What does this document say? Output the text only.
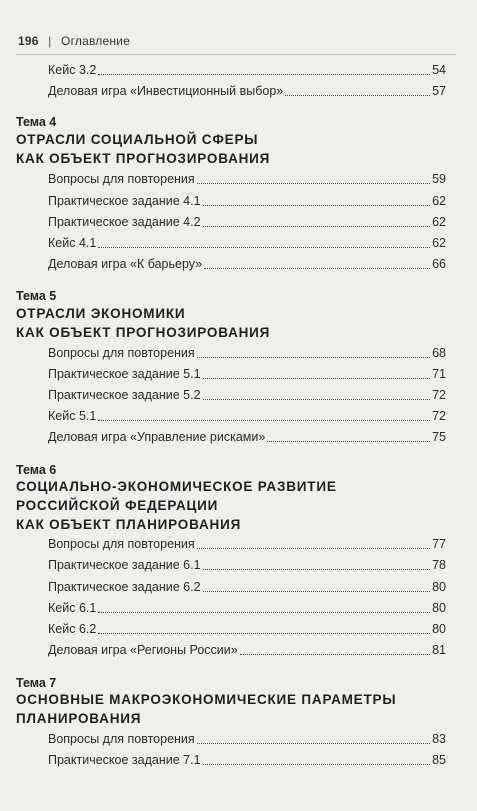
196 | Оглавление
Кейс 3.2	54
Деловая игра «Инвестиционный выбор»	57
Тема 4
ОТРАСЛИ СОЦИАЛЬНОЙ СФЕРЫ
КАК ОБЪЕКТ ПРОГНОЗИРОВАНИЯ
Вопросы для повторения	59
Практическое задание 4.1	62
Практическое задание 4.2	62
Кейс 4.1	62
Деловая игра «К барьеру»	66
Тема 5
ОТРАСЛИ ЭКОНОМИКИ
КАК ОБЪЕКТ ПРОГНОЗИРОВАНИЯ
Вопросы для повторения	68
Практическое задание 5.1	71
Практическое задание 5.2	72
Кейс 5.1	72
Деловая игра «Управление рисками»	75
Тема 6
СОЦИАЛЬНО-ЭКОНОМИЧЕСКОЕ РАЗВИТИЕ
РОССИЙСКОЙ ФЕДЕРАЦИИ
КАК ОБЪЕКТ ПЛАНИРОВАНИЯ
Вопросы для повторения	77
Практическое задание 6.1	78
Практическое задание 6.2	80
Кейс 6.1	80
Кейс 6.2	80
Деловая игра «Регионы России»	81
Тема 7
ОСНОВНЫЕ МАКРОЭКОНОМИЧЕСКИЕ ПАРАМЕТРЫ
ПЛАНИРОВАНИЯ
Вопросы для повторения	83
Практическое задание 7.1	85
